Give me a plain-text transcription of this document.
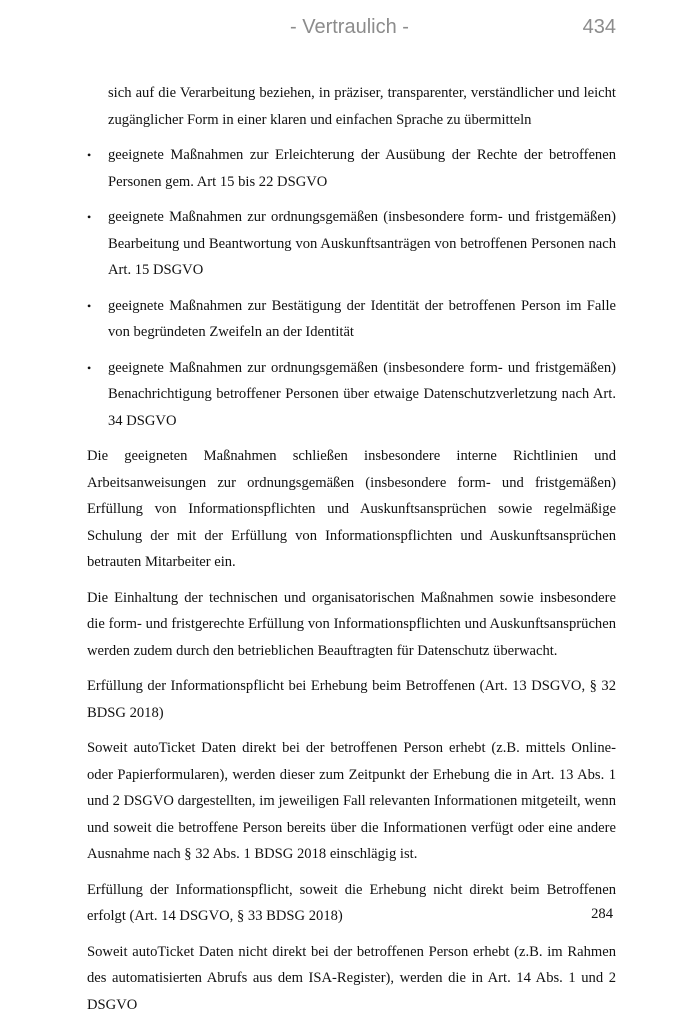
- Vertraulich -	434

sich auf die Verarbeitung beziehen, in präziser, transparenter, verständlicher und leicht zugänglicher Form in einer klaren und einfachen Sprache zu übermitteln

• geeignete Maßnahmen zur Erleichterung der Ausübung der Rechte der betroffenen Personen gem. Art 15 bis 22 DSGVO
• geeignete Maßnahmen zur ordnungsgemäßen (insbesondere form- und fristgemäßen) Bearbeitung und Beantwortung von Auskunftsanträgen von betroffenen Personen nach Art. 15 DSGVO
• geeignete Maßnahmen zur Bestätigung der Identität der betroffenen Person im Falle von begründeten Zweifeln an der Identität
• geeignete Maßnahmen zur ordnungsgemäßen (insbesondere form- und fristgemäßen) Benachrichtigung betroffener Personen über etwaige Datenschutzverletzung nach Art. 34 DSGVO

Die geeigneten Maßnahmen schließen insbesondere interne Richtlinien und Arbeitsanweisungen zur ordnungsgemäßen (insbesondere form- und fristgemäßen) Erfüllung von Informationspflichten und Auskunftsansprüchen sowie regelmäßige Schulung der mit der Erfüllung von Informationspflichten und Auskunftsansprüchen betrauten Mitarbeiter ein.

Die Einhaltung der technischen und organisatorischen Maßnahmen sowie insbesondere die form- und fristgerechte Erfüllung von Informationspflichten und Auskunftsansprüchen werden zudem durch den betrieblichen Beauftragten für Datenschutz überwacht.

Erfüllung der Informationspflicht bei Erhebung beim Betroffenen (Art. 13 DSGVO, § 32 BDSG 2018)

Soweit autoTicket Daten direkt bei der betroffenen Person erhebt (z.B. mittels Online- oder Papierformularen), werden dieser zum Zeitpunkt der Erhebung die in Art. 13 Abs. 1 und 2 DSGVO dargestellten, im jeweiligen Fall relevanten Informationen mitgeteilt, wenn und soweit die betroffene Person bereits über die Informationen verfügt oder eine andere Ausnahme nach § 32 Abs. 1 BDSG 2018 einschlägig ist.

Erfüllung der Informationspflicht, soweit die Erhebung nicht direkt beim Betroffenen erfolgt (Art. 14 DSGVO, § 33 BDSG 2018)

Soweit autoTicket Daten nicht direkt bei der betroffenen Person erhebt (z.B. im Rahmen des automatisierten Abrufs aus dem ISA-Register), werden die in Art. 14 Abs. 1 und 2 DSGVO

284
